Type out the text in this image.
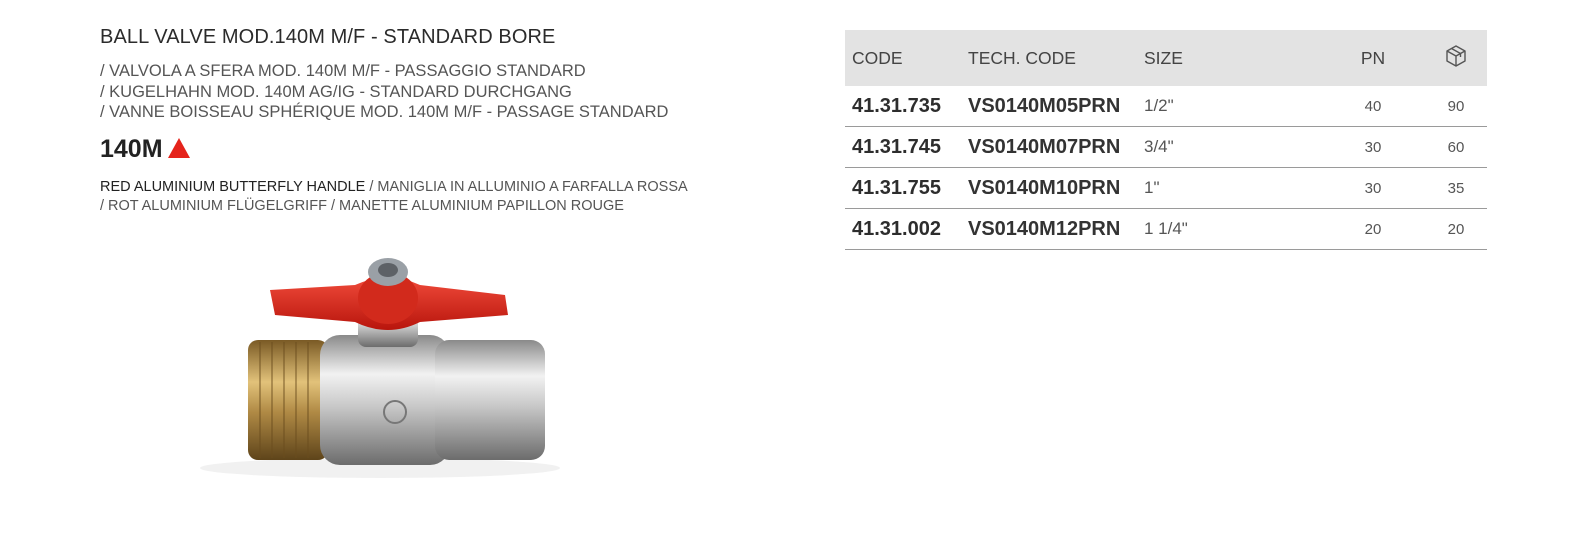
BALL VALVE MOD.140M M/F - STANDARD BORE
/ VALVOLA A SFERA MOD. 140M M/F - PASSAGGIO STANDARD
/ KUGELHAHN MOD. 140M AG/IG - STANDARD DURCHGANG
/ VANNE BOISSEAU SPHÉRIQUE MOD. 140M M/F - PASSAGE STANDARD
140M
RED ALUMINIUM BUTTERFLY HANDLE / MANIGLIA IN ALLUMINIO A FARFALLA ROSSA
/ ROT ALUMINIUM FLÜGELGRIFF / MANETTE ALUMINIUM PAPILLON ROUGE
CODE	TECH. CODE	SIZE	PN	
41.31.735	VS0140M05PRN	1/2"	40	90
41.31.745	VS0140M07PRN	3/4"	30	60
41.31.755	VS0140M10PRN	1"	30	35
41.31.002	VS0140M12PRN	1 1/4"	20	20
